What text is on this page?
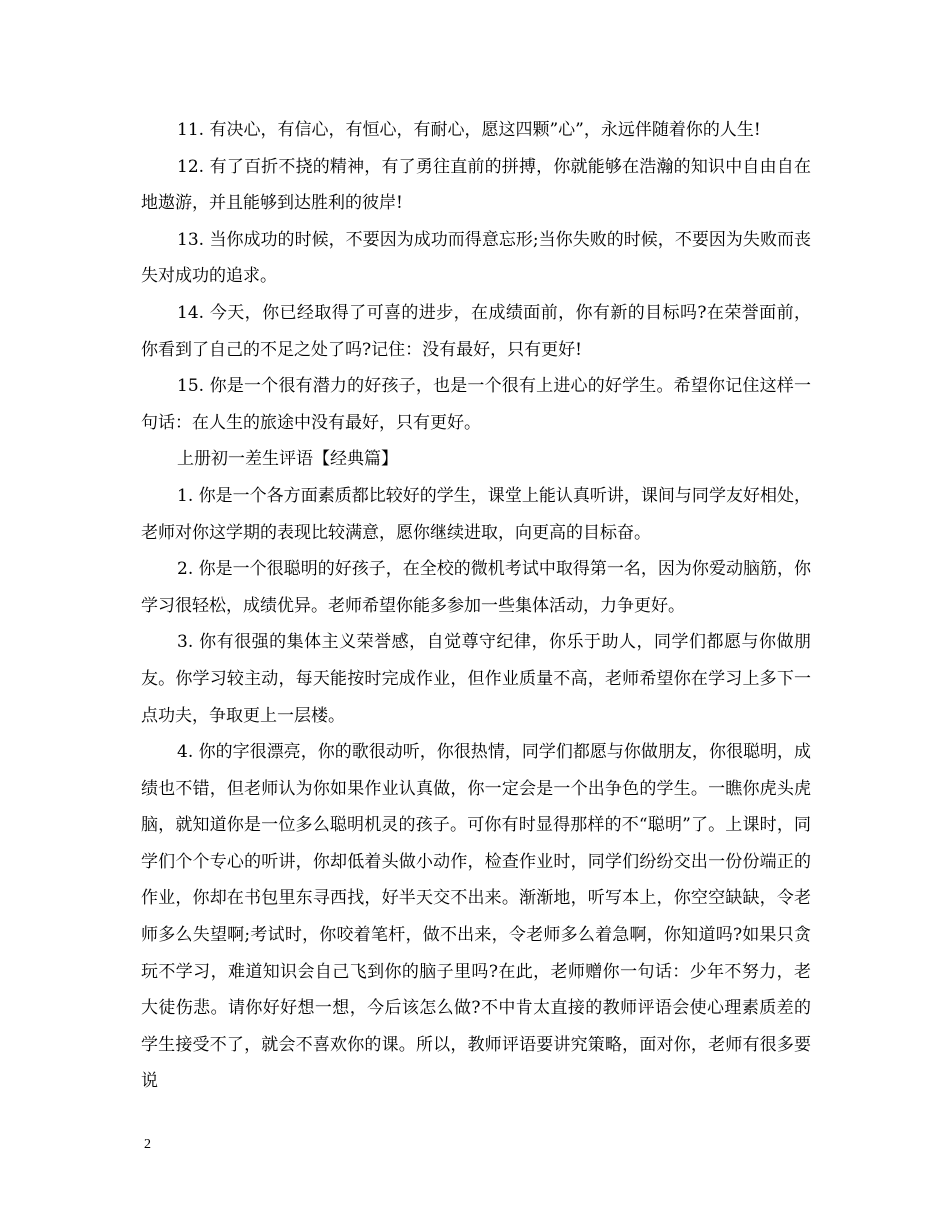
11. 有决心，有信心，有恒心，有耐心，愿这四颗”心”，永远伴随着你的人生!

12. 有了百折不挠的精神，有了勇往直前的拼搏，你就能够在浩瀚的知识中自由自在地遨游，并且能够到达胜利的彼岸!

13. 当你成功的时候，不要因为成功而得意忘形;当你失败的时候，不要因为失败而丧失对成功的追求。

14. 今天，你已经取得了可喜的进步，在成绩面前，你有新的目标吗?在荣誉面前，你看到了自己的不足之处了吗?记住：没有最好，只有更好!

15. 你是一个很有潜力的好孩子，也是一个很有上进心的好学生。希望你记住这样一句话：在人生的旅途中没有最好，只有更好。

上册初一差生评语【经典篇】

1. 你是一个各方面素质都比较好的学生，课堂上能认真听讲，课间与同学友好相处，老师对你这学期的表现比较满意，愿你继续进取，向更高的目标奋。

2. 你是一个很聪明的好孩子，在全校的微机考试中取得第一名，因为你爱动脑筋，你学习很轻松，成绩优异。老师希望你能多参加一些集体活动，力争更好。

3. 你有很强的集体主义荣誉感，自觉尊守纪律，你乐于助人，同学们都愿与你做朋友。你学习较主动，每天能按时完成作业，但作业质量不高，老师希望你在学习上多下一点功夫，争取更上一层楼。

4. 你的字很漂亮，你的歌很动听，你很热情，同学们都愿与你做朋友，你很聪明，成绩也不错，但老师认为你如果作业认真做，你一定会是一个出争色的学生。一瞧你虎头虎脑，就知道你是一位多么聪明机灵的孩子。可你有时显得那样的不“聪明”了。上课时，同学们个个专心的听讲，你却低着头做小动作，检查作业时，同学们纷纷交出一份份端正的作业，你却在书包里东寻西找，好半天交不出来。渐渐地，听写本上，你空空缺缺，令老师多么失望啊;考试时，你咬着笔杆，做不出来，令老师多么着急啊，你知道吗?如果只贪玩不学习，难道知识会自己飞到你的脑子里吗?在此，老师赠你一句话：少年不努力，老大徒伤悲。请你好好想一想，今后该怎么做?不中肯太直接的教师评语会使心理素质差的学生接受不了，就会不喜欢你的课。所以，教师评语要讲究策略，面对你，老师有很多要说

2
